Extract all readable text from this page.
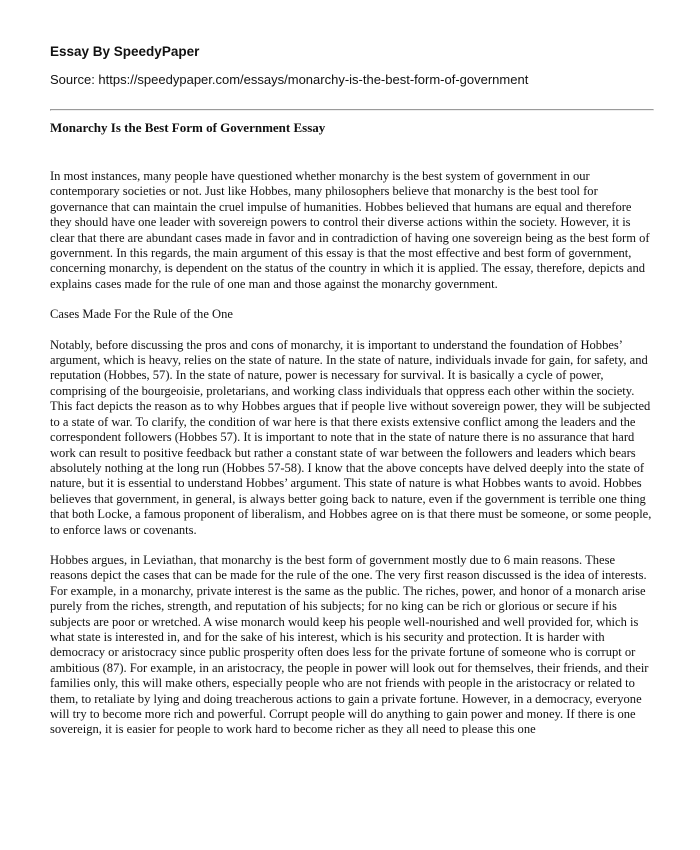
Essay By SpeedyPaper

Source: https://speedypaper.com/essays/monarchy-is-the-best-form-of-government

Monarchy Is the Best Form of Government Essay

In most instances, many people have questioned whether monarchy is the best system of government in our contemporary societies or not. Just like Hobbes, many philosophers believe that monarchy is the best tool for governance that can maintain the cruel impulse of humanities. Hobbes believed that humans are equal and therefore they should have one leader with sovereign powers to control their diverse actions within the society. However, it is clear that there are abundant cases made in favor and in contradiction of having one sovereign being as the best form of government. In this regards, the main argument of this essay is that the most effective and best form of government, concerning monarchy, is dependent on the status of the country in which it is applied. The essay, therefore, depicts and explains cases made for the rule of one man and those against the monarchy government.

Cases Made For the Rule of the One

Notably, before discussing the pros and cons of monarchy, it is important to understand the foundation of Hobbes’ argument, which is heavy, relies on the state of nature. In the state of nature, individuals invade for gain, for safety, and reputation (Hobbes, 57). In the state of nature, power is necessary for survival. It is basically a cycle of power, comprising of the bourgeoisie, proletarians, and working class individuals that oppress each other within the society. This fact depicts the reason as to why Hobbes argues that if people live without sovereign power, they will be subjected to a state of war. To clarify, the condition of war here is that there exists extensive conflict among the leaders and the correspondent followers (Hobbes 57). It is important to note that in the state of nature there is no assurance that hard work can result to positive feedback but rather a constant state of war between the followers and leaders which bears absolutely nothing at the long run (Hobbes 57-58). I know that the above concepts have delved deeply into the state of nature, but it is essential to understand Hobbes’ argument. This state of nature is what Hobbes wants to avoid. Hobbes believes that government, in general, is always better going back to nature, even if the government is terrible one thing that both Locke, a famous proponent of liberalism, and Hobbes agree on is that there must be someone, or some people, to enforce laws or covenants.

Hobbes argues, in Leviathan, that monarchy is the best form of government mostly due to 6 main reasons. These reasons depict the cases that can be made for the rule of the one. The very first reason discussed is the idea of interests. For example, in a monarchy, private interest is the same as the public. The riches, power, and honor of a monarch arise purely from the riches, strength, and reputation of his subjects; for no king can be rich or glorious or secure if his subjects are poor or wretched. A wise monarch would keep his people well-nourished and well provided for, which is what state is interested in, and for the sake of his interest, which is his security and protection. It is harder with democracy or aristocracy since public prosperity often does less for the private fortune of someone who is corrupt or ambitious (87). For example, in an aristocracy, the people in power will look out for themselves, their friends, and their families only, this will make others, especially people who are not friends with people in the aristocracy or related to them, to retaliate by lying and doing treacherous actions to gain a private fortune. However, in a democracy, everyone will try to become more rich and powerful. Corrupt people will do anything to gain power and money. If there is one sovereign, it is easier for people to work hard to become richer as they all need to please this one
